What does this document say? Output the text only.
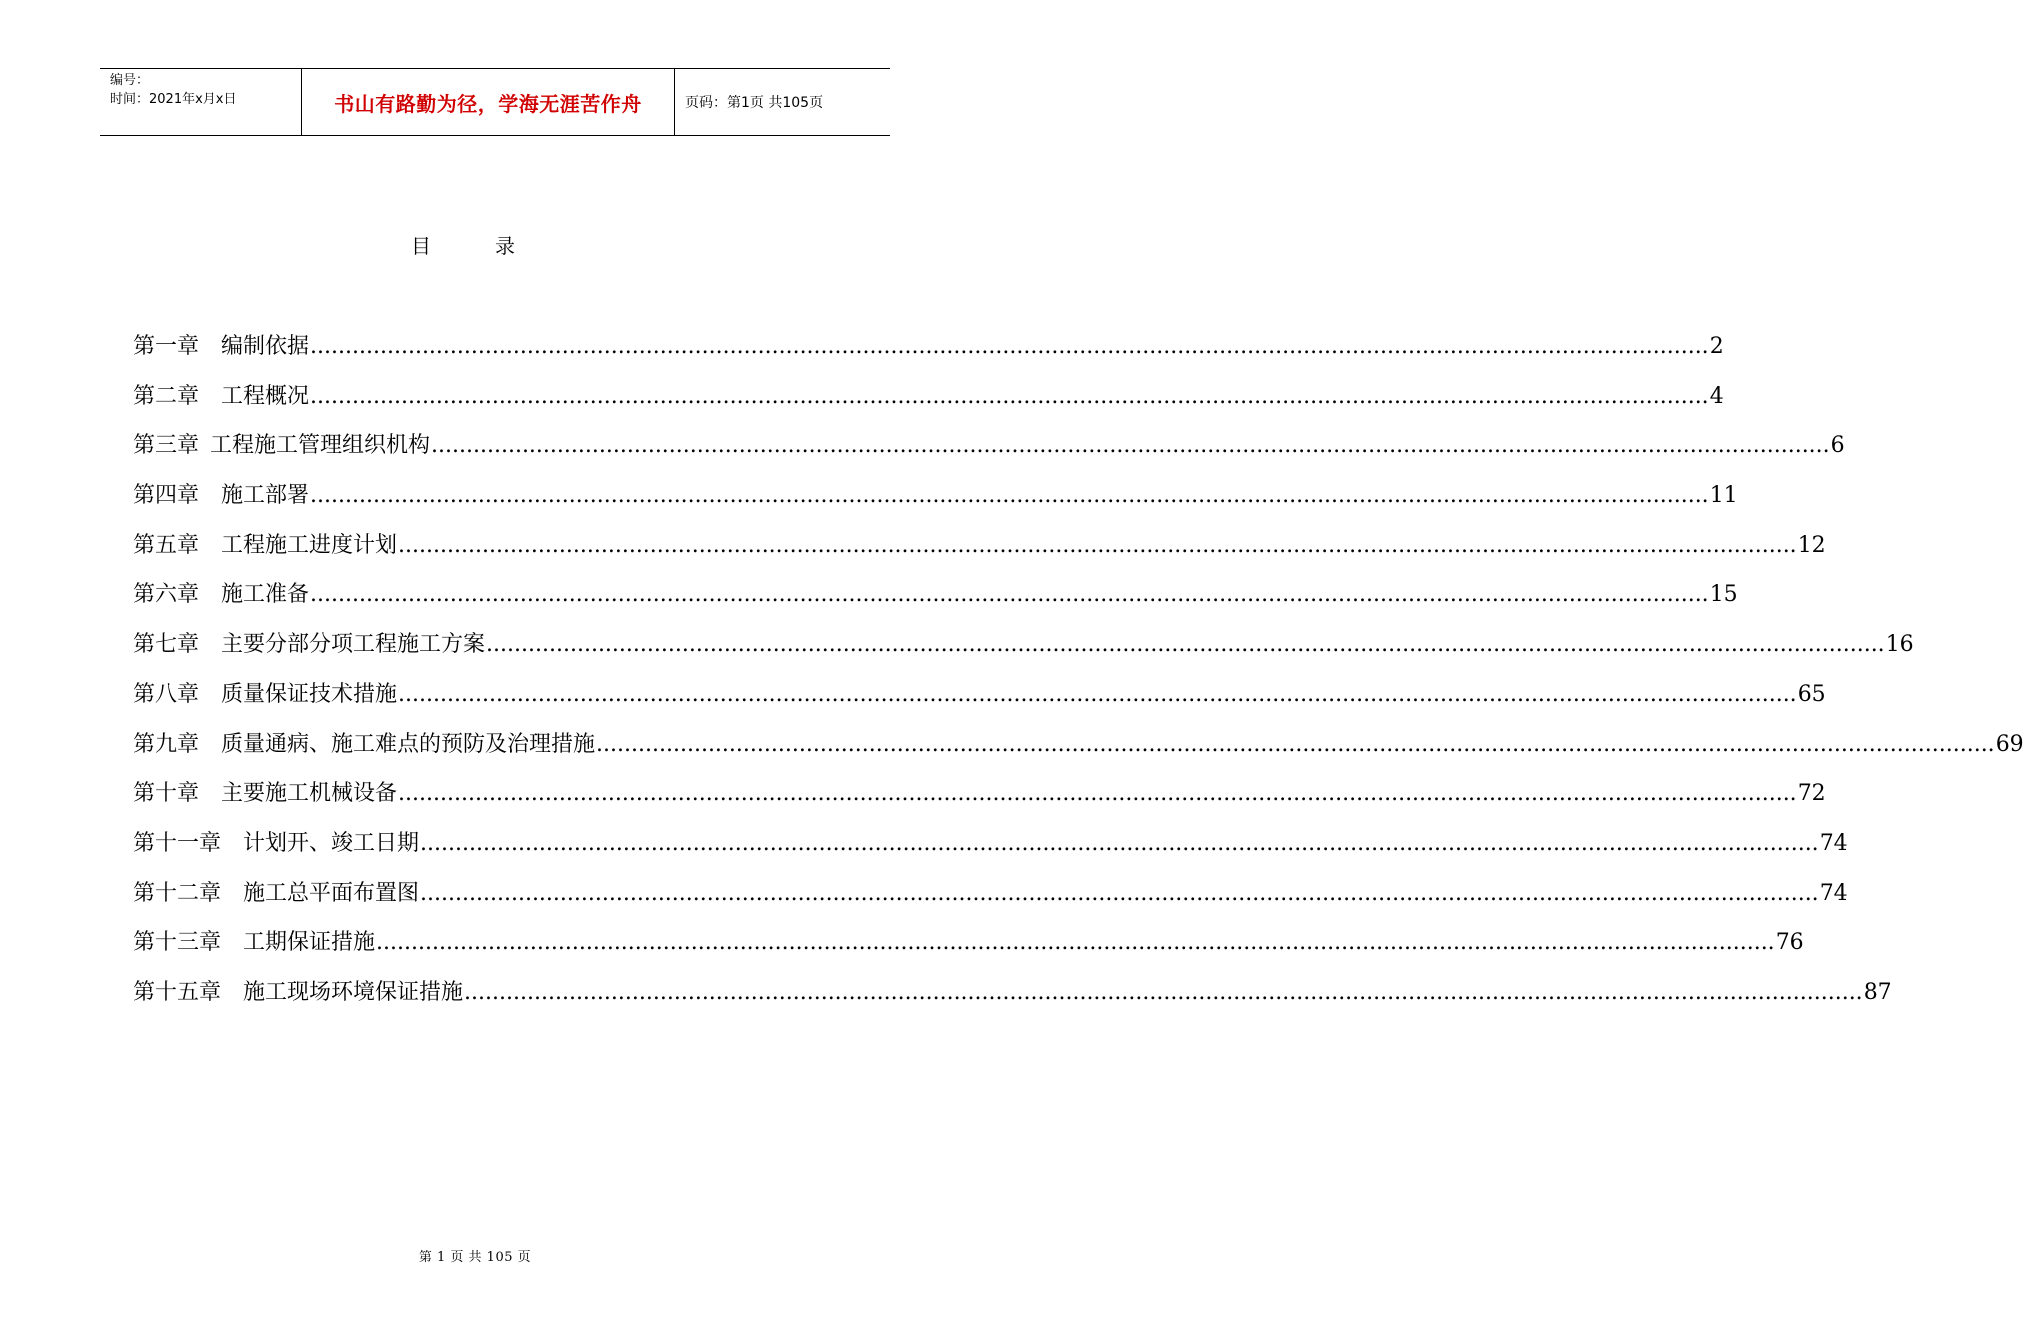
编号：
时间：2021年x月x日	书山有路勤为径，学海无涯苦作舟	页码：第1页 共105页
目录
第一章
　 编制依据 ........................................................................................................................................................................................................ 2
第二章
　 工程概况 ........................................................................................................................................................................................................ 4
第三章
  工程施工管理组织机构 ........................................................................................................................................................................................................ 6
第四章
　 施工部署 ........................................................................................................................................................................................................ 11
第五章
　 工程施工进度计划 ........................................................................................................................................................................................................ 12
第六章
　 施工准备 ........................................................................................................................................................................................................ 15
第七章
　 主要分部分项工程施工方案 ........................................................................................................................................................................................................ 16
第八章
　 质量保证技术措施 ........................................................................................................................................................................................................ 65
第九章
　 质量通病、施工难点的预防及治理措施 ........................................................................................................................................................................................................ 69
第十章
　 主要施工机械设备 ........................................................................................................................................................................................................ 72
第十一章
　 计划开、竣工日期 ........................................................................................................................................................................................................ 74
第十二章
　 施工总平面布置图 ........................................................................................................................................................................................................ 74
第十三章
　 工期保证措施 ........................................................................................................................................................................................................ 76
第十五章
　 施工现场环境保证措施 ........................................................................................................................................................................................................ 87
第 1 页 共 105 页
